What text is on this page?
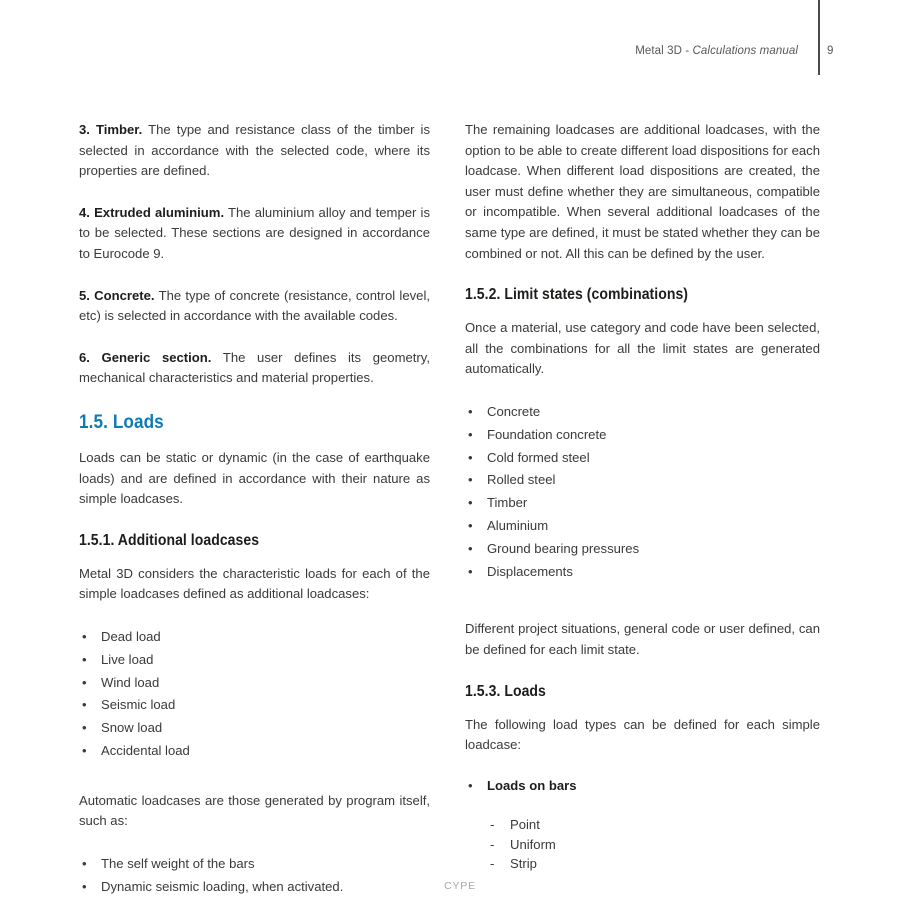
Metal 3D - Calculations manual	9

3. Timber. The type and resistance class of the timber is selected in accordance with the selected code, where its properties are defined.

4. Extruded aluminium. The aluminium alloy and temper is to be selected. These sections are designed in accordance to Eurocode 9.

5. Concrete. The type of concrete (resistance, control level, etc) is selected in accordance with the available codes.

6. Generic section. The user defines its geometry, mechanical characteristics and material properties.

1.5. Loads

Loads can be static or dynamic (in the case of earthquake loads) and are defined in accordance with their nature as simple loadcases.

1.5.1. Additional loadcases

Metal 3D considers the characteristic loads for each of the simple loadcases defined as additional loadcases:

• Dead load
• Live load
• Wind load
• Seismic load
• Snow load
• Accidental load

Automatic loadcases are those generated by program itself, such as:

• The self weight of the bars
• Dynamic seismic loading, when activated.

The remaining loadcases are additional loadcases, with the option to be able to create different load dispositions for each loadcase. When different load dispositions are created, the user must define whether they are simultaneous, compatible or incompatible. When several additional loadcases of the same type are defined, it must be stated whether they can be combined or not. All this can be defined by the user.

1.5.2. Limit states (combinations)

Once a material, use category and code have been selected, all the combinations for all the limit states are generated automatically.

• Concrete
• Foundation concrete
• Cold formed steel
• Rolled steel
• Timber
• Aluminium
• Ground bearing pressures
• Displacements

Different project situations, general code or user defined, can be defined for each limit state.

1.5.3. Loads

The following load types can be defined for each simple loadcase:

• Loads on bars
- Point
- Uniform
- Strip
CYPE
